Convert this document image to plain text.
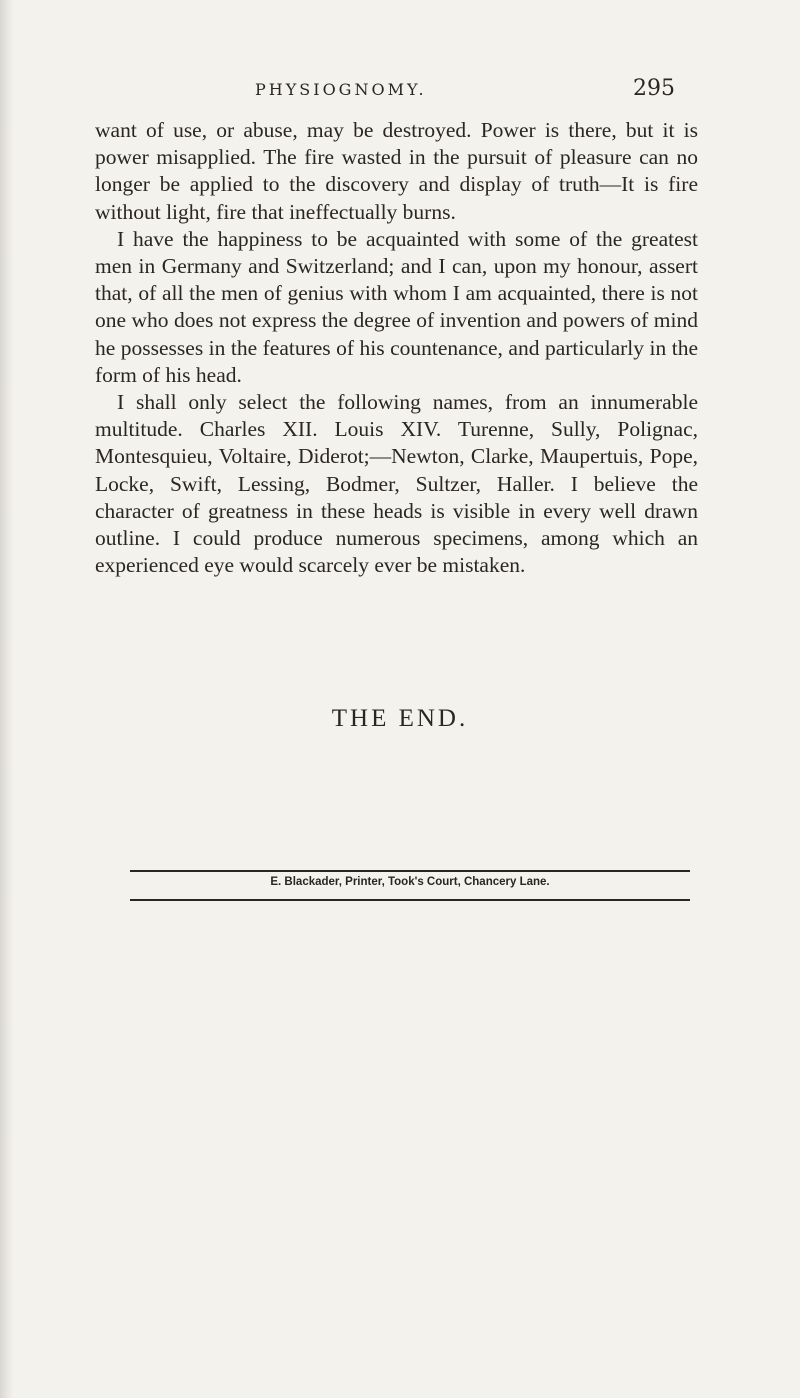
PHYSIOGNOMY.	295

want of use, or abuse, may be destroyed. Power is there, but it is power misapplied. The fire wasted in the pursuit of pleasure can no longer be applied to the discovery and display of truth—It is fire without light, fire that ineffectually burns.

I have the happiness to be acquainted with some of the greatest men in Germany and Switzerland; and I can, upon my honour, assert that, of all the men of genius with whom I am acquainted, there is not one who does not express the degree of invention and powers of mind he possesses in the features of his countenance, and particularly in the form of his head.

I shall only select the following names, from an innumerable multitude. Charles XII. Louis XIV. Turenne, Sully, Polignac, Montesquieu, Voltaire, Diderot;—Newton, Clarke, Maupertuis, Pope, Locke, Swift, Lessing, Bodmer, Sultzer, Haller. I believe the character of greatness in these heads is visible in every well drawn outline. I could produce numerous specimens, among which an experienced eye would scarcely ever be mistaken.

THE END.
E. Blackader, Printer, Took's Court, Chancery Lane.
